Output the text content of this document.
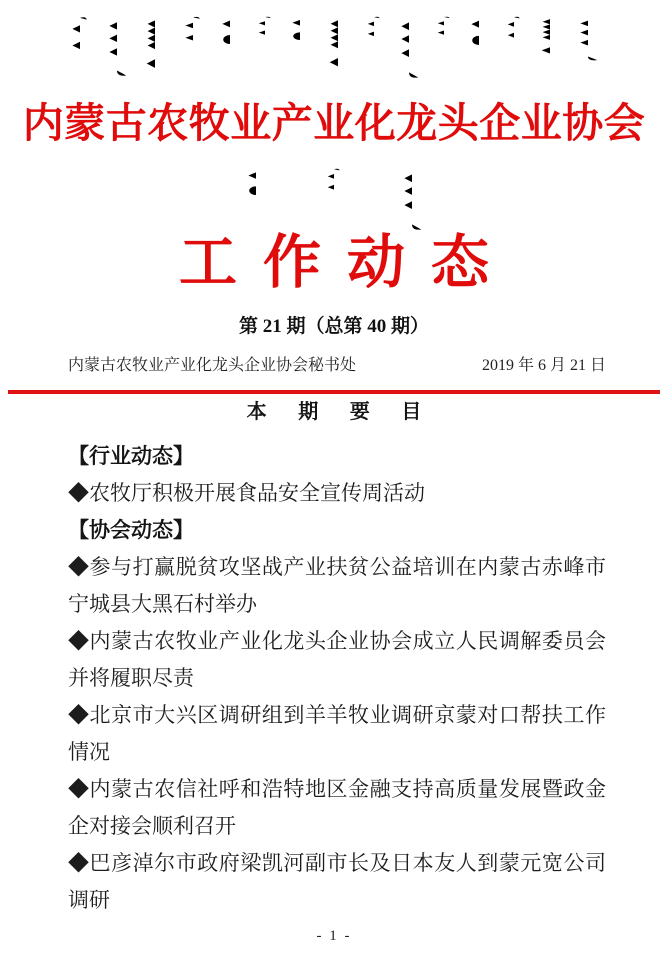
内蒙古农牧业产业化龙头企业协会
工作动态
第 21 期（总第 40 期）
内蒙古农牧业产业化龙头企业协会秘书处	2019 年 6 月 21 日
本 期 要 目
【行业动态】
◆农牧厅积极开展食品安全宣传周活动
【协会动态】
◆参与打赢脱贫攻坚战产业扶贫公益培训在内蒙古赤峰市宁城县大黑石村举办
◆内蒙古农牧业产业化龙头企业协会成立人民调解委员会并将履职尽责
◆北京市大兴区调研组到羊羊牧业调研京蒙对口帮扶工作情况
◆内蒙古农信社呼和浩特地区金融支持高质量发展暨政金企对接会顺利召开
◆巴彦淖尔市政府梁凯河副市长及日本友人到蒙元宽公司调研
- 1 -
